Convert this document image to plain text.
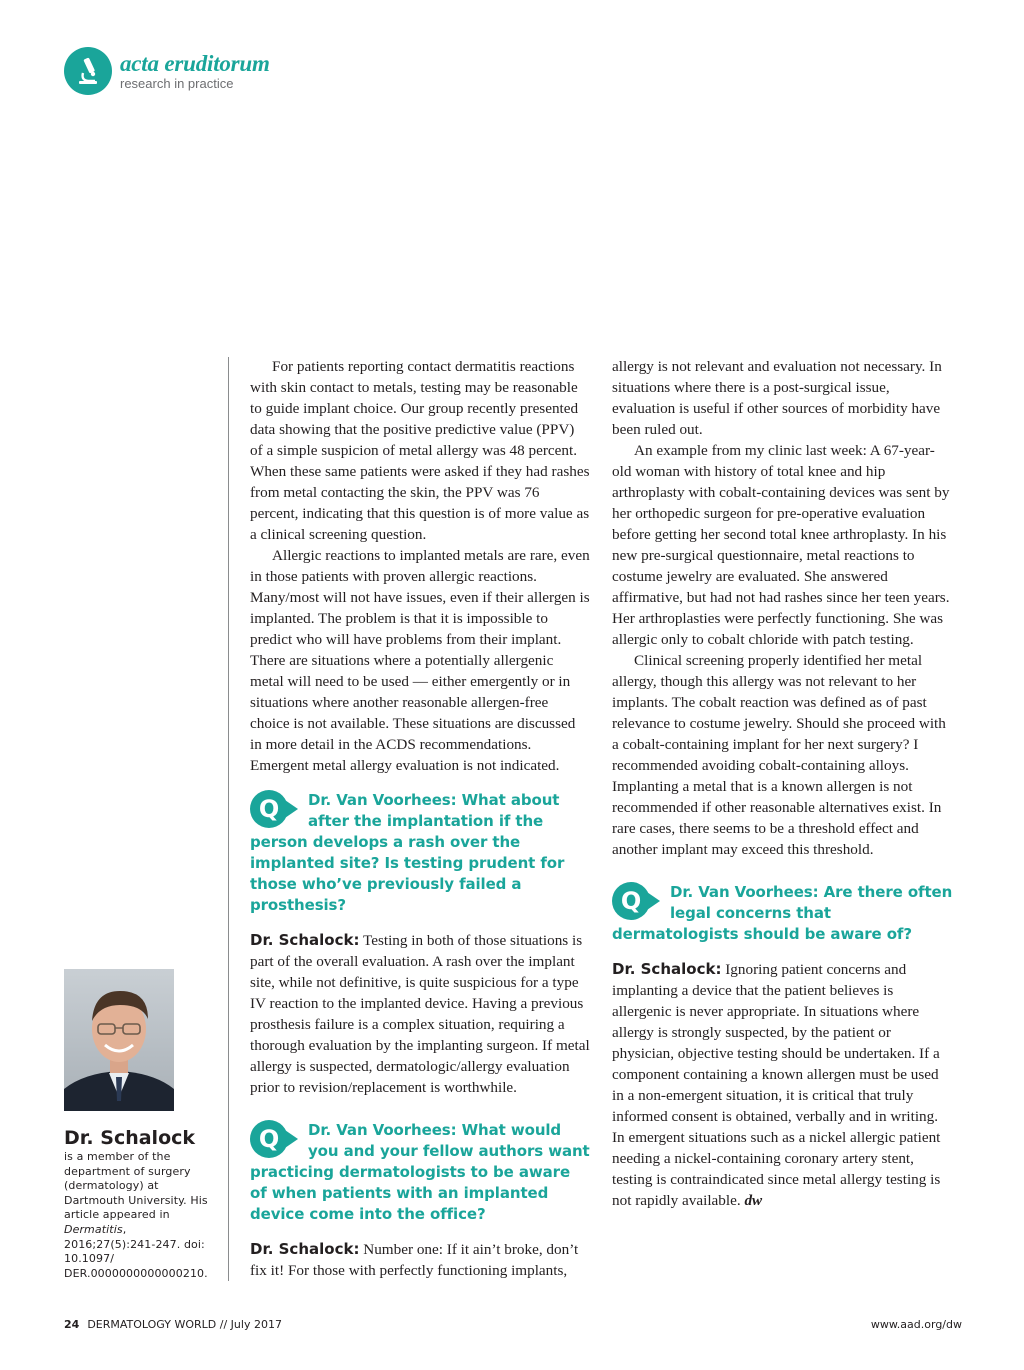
acta eruditorum
research in practice

For patients reporting contact dermatitis reactions with skin contact to metals, testing may be reasonable to guide implant choice. Our group recently presented data showing that the positive predictive value (PPV) of a simple suspicion of metal allergy was 48 percent. When these same patients were asked if they had rashes from metal contacting the skin, the PPV was 76 percent, indicating that this question is of more value as a clinical screening question.

Allergic reactions to implanted metals are rare, even in those patients with proven allergic reactions. Many/most will not have issues, even if their allergen is implanted. The problem is that it is impossible to predict who will have problems from their implant. There are situations where a potentially allergenic metal will need to be used — either emergently or in situations where another reasonable allergen-free choice is not available. These situations are discussed in more detail in the ACDS recommendations. Emergent metal allergy evaluation is not indicated.

Q	Dr. Van Voorhees: What about after the implantation if the person develops a rash over the implanted site? Is testing prudent for those who’ve previously failed a prosthesis?

Dr. Schalock: Testing in both of those situations is part of the overall evaluation. A rash over the implant site, while not definitive, is quite suspicious for a type IV reaction to the implanted device. Having a previous prosthesis failure is a complex situation, requiring a thorough evaluation by the implanting surgeon. If metal allergy is suspected, dermatologic/allergy evaluation prior to revision/replacement is worthwhile.

Q	Dr. Van Voorhees: What would you and your fellow authors want practicing dermatologists to be aware of when patients with an implanted device come into the office?

Dr. Schalock: Number one: If it ain’t broke, don’t fix it! For those with perfectly functioning implants,

allergy is not relevant and evaluation not necessary. In situations where there is a post-surgical issue, evaluation is useful if other sources of morbidity have been ruled out.

An example from my clinic last week: A 67-year-old woman with history of total knee and hip arthroplasty with cobalt-containing devices was sent by her orthopedic surgeon for pre-operative evaluation before getting her second total knee arthroplasty. In his new pre-surgical questionnaire, metal reactions to costume jewelry are evaluated. She answered affirmative, but had not had rashes since her teen years. Her arthroplasties were perfectly functioning. She was allergic only to cobalt chloride with patch testing.

Clinical screening properly identified her metal allergy, though this allergy was not relevant to her implants. The cobalt reaction was defined as of past relevance to costume jewelry. Should she proceed with a cobalt-containing implant for her next surgery? I recommended avoiding cobalt-containing alloys. Implanting a metal that is a known allergen is not recommended if other reasonable alternatives exist. In rare cases, there seems to be a threshold effect and another implant may exceed this threshold.

Q	Dr. Van Voorhees: Are there often legal concerns that dermatologists should be aware of?

Dr. Schalock: Ignoring patient concerns and implanting a device that the patient believes is allergenic is never appropriate. In situations where allergy is strongly suspected, by the patient or physician, objective testing should be undertaken. If a component containing a known allergen must be used in a non-emergent situation, it is critical that truly informed consent is obtained, verbally and in writing. In emergent situations such as a nickel allergic patient needing a nickel-containing coronary artery stent, testing is contraindicated since metal allergy testing is not rapidly available. dw

Dr. Schalock
is a member of the department of surgery (dermatology) at Dartmouth University. His article appeared in Dermatitis, 2016;27(5):241-247. doi: 10.1097/ DER.0000000000000210.
24 DERMATOLOGY WORLD // July 2017	www.aad.org/dw
